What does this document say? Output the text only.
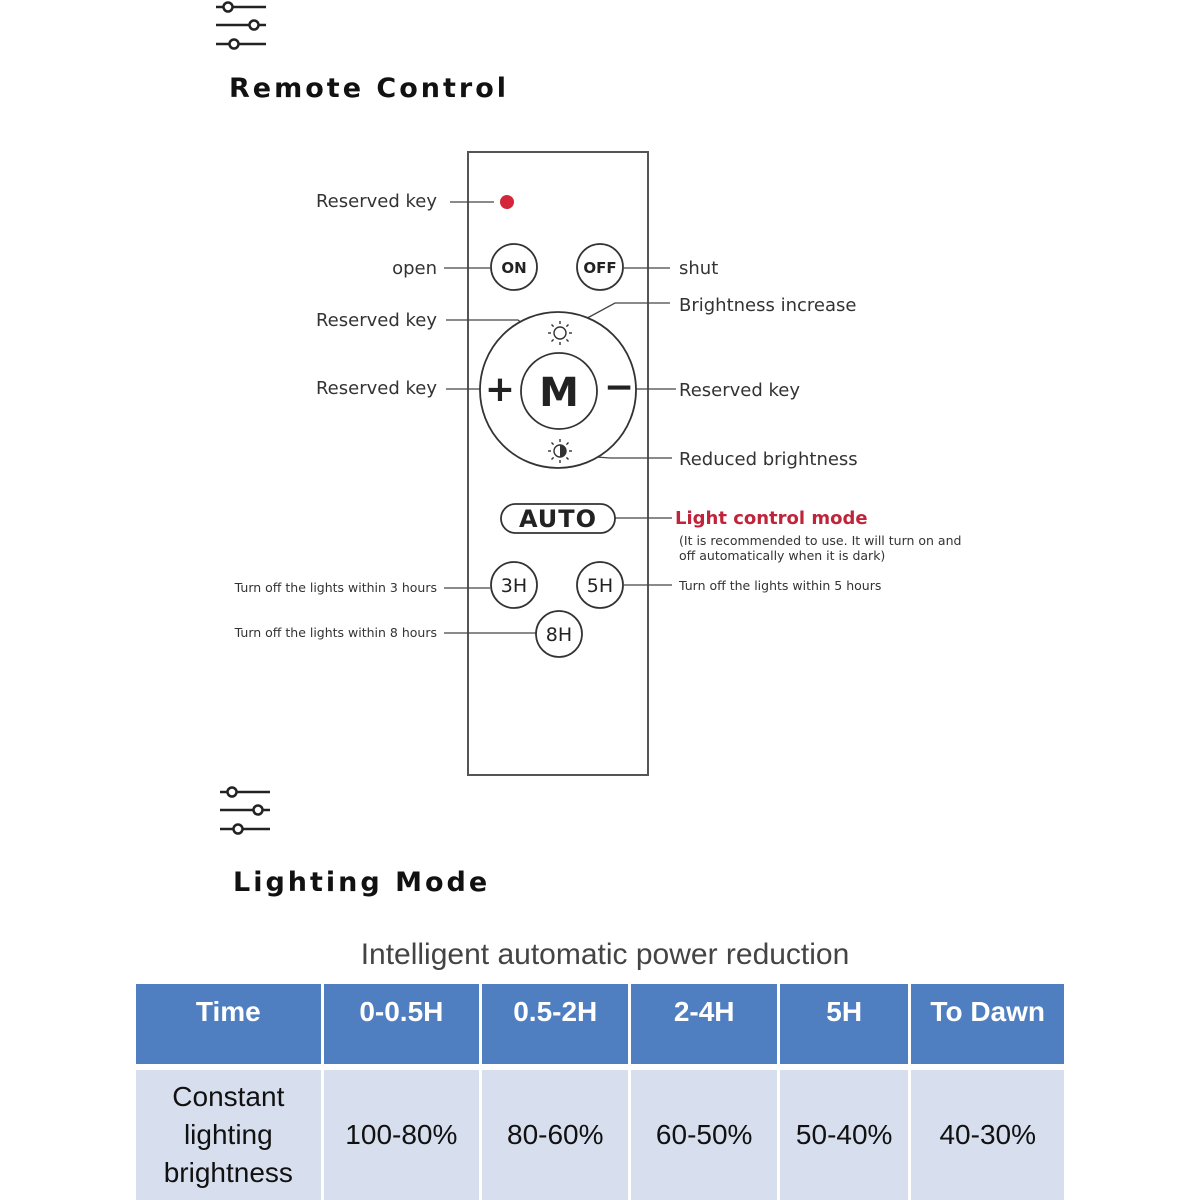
Remote Control
ON	OFF
M
+ −
AUTO
3H	5H
8H
Reserved key
open
Reserved key
Reserved key
Turn off the lights within 3 hours
Turn off the lights within 8 hours
shut
Brightness increase
Reserved key
Reduced brightness
Light control mode
(It is recommended to use. It will turn on and
off automatically when it is dark)
Turn off the lights within 5 hours
Lighting Mode
Intelligent automatic power reduction
Time	0-0.5H	0.5-2H	2-4H	5H	To Dawn

Constant
lighting
brightness	100-80%	80-60%	60-50%	50-40%	40-30%
